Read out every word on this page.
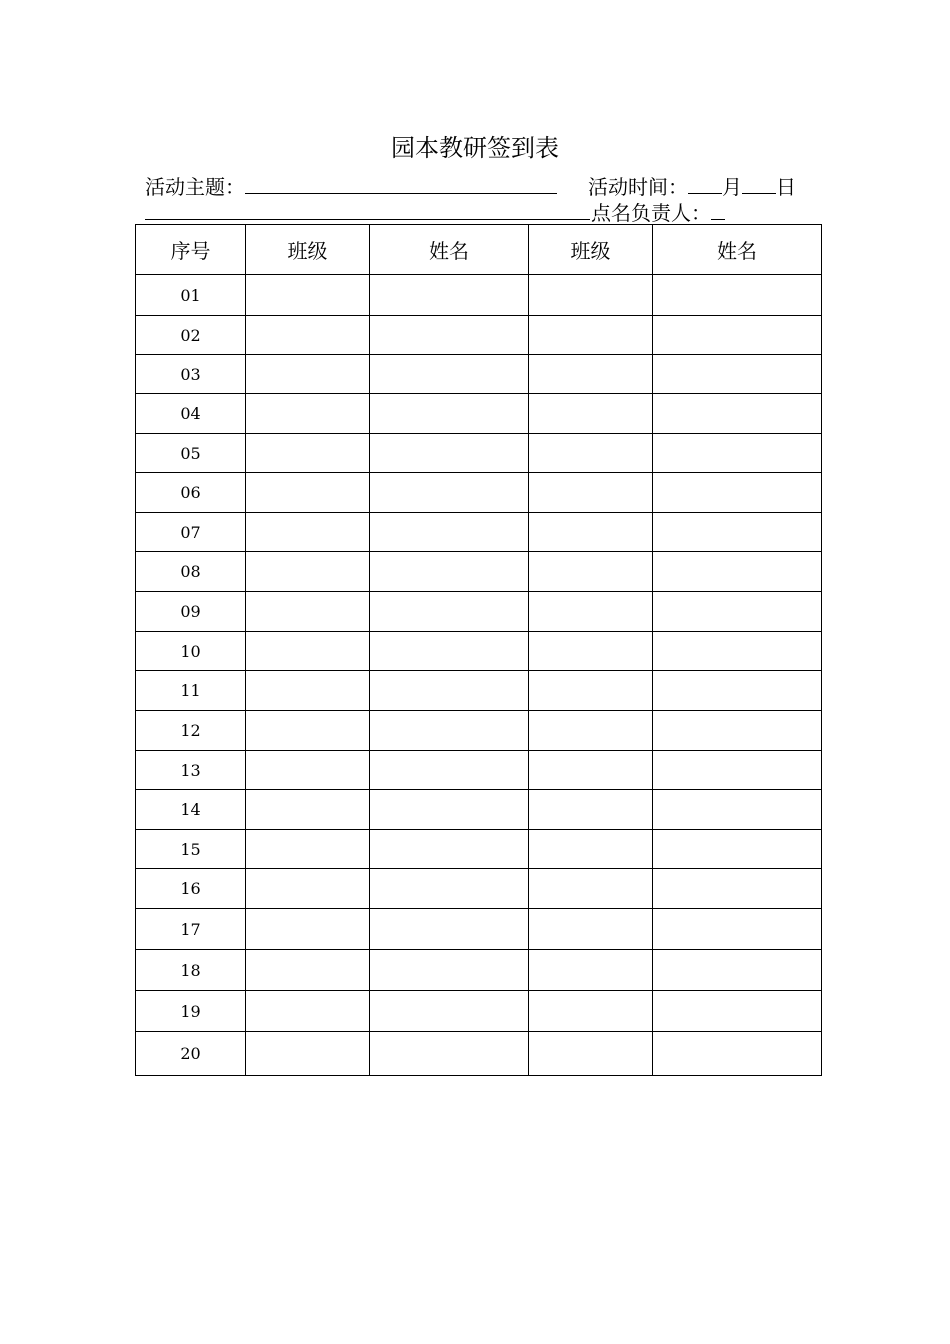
园本教研签到表
活动主题：	活动时间： 月 日
点名负责人：
序号	班级	姓名	班级	姓名
01				
02				
03				
04				
05				
06				
07				
08				
09				
10				
11				
12				
13				
14				
15				
16				
17				
18				
19				
20				
